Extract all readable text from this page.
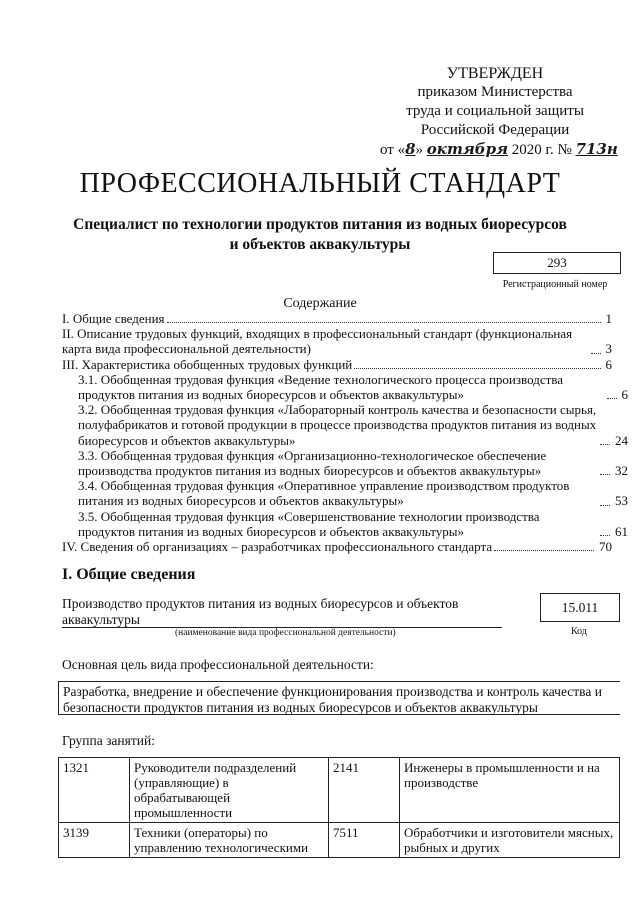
УТВЕРЖДЕН
приказом Министерства
труда и социальной защиты
Российской Федерации
от «8» октября 2020 г. № 713н
ПРОФЕССИОНАЛЬНЫЙ СТАНДАРТ
Специалист по технологии продуктов питания из водных биоресурсов
и объектов аквакультуры
293
Регистрационный номер
Содержание
I. Общие сведения	1
II. Описание трудовых функций, входящих в профессиональный стандарт (функциональная карта вида профессиональной деятельности)	3
III. Характеристика обобщенных трудовых функций	6
3.1. Обобщенная трудовая функция «Ведение технологического процесса производства продуктов питания из водных биоресурсов и объектов аквакультуры»	6
3.2. Обобщенная трудовая функция «Лабораторный контроль качества и безопасности сырья, полуфабрикатов и готовой продукции в процессе производства продуктов питания из водных биоресурсов и объектов аквакультуры»	24
3.3. Обобщенная трудовая функция «Организационно-технологическое обеспечение производства продуктов питания из водных биоресурсов и объектов аквакультуры»	32
3.4. Обобщенная трудовая функция «Оперативное управление производством продуктов питания из водных биоресурсов и объектов аквакультуры»	53
3.5. Обобщенная трудовая функция «Совершенствование технологии производства продуктов питания из водных биоресурсов и объектов аквакультуры»	61
IV. Сведения об организациях – разработчиках профессионального стандарта	70
I. Общие сведения
Производство продуктов питания из водных биоресурсов и объектов
аквакультуры
(наименование вида профессиональной деятельности)
15.011
Код
Основная цель вида профессиональной деятельности:
Разработка, внедрение и обеспечение функционирования производства и контроль качества и безопасности продуктов питания из водных биоресурсов и объектов аквакультуры
Группа занятий:
1321	Руководители подразделений (управляющие) в обрабатывающей промышленности	2141	Инженеры в промышленности и на производстве
3139	Техники (операторы) по управлению технологическими	7511	Обработчики и изготовители мясных, рыбных и других
